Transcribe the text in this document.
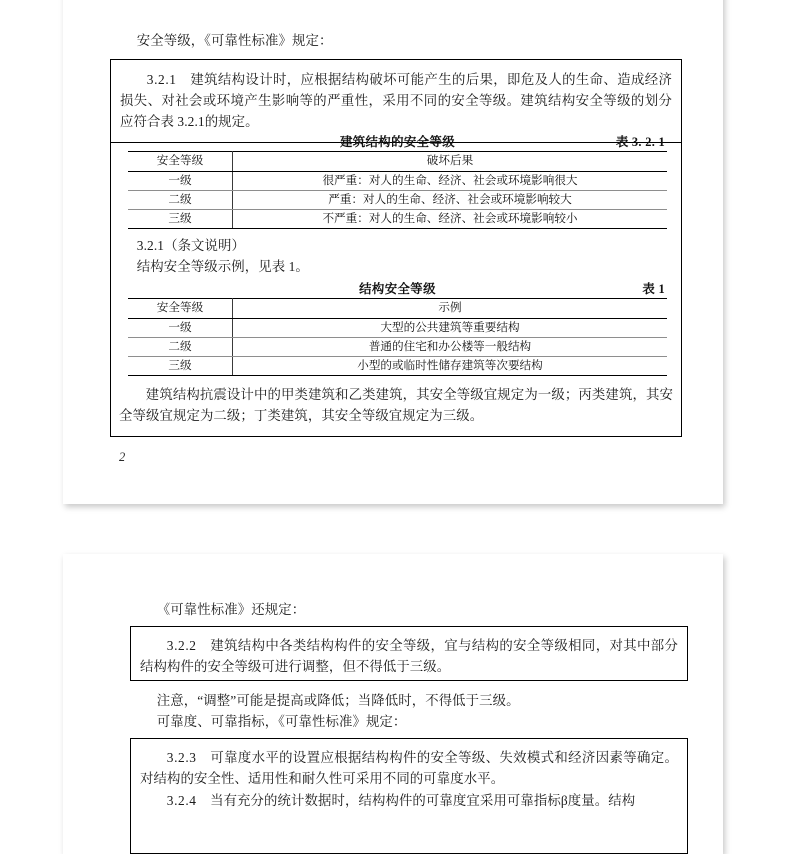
安全等级，《可靠性标准》规定：
3.2.1  建筑结构设计时，应根据结构破坏可能产生的后果，即危及人的生命、造成经济损失、对社会或环境产生影响等的严重性，采用不同的安全等级。建筑结构安全等级的划分应符合表 3.2.1的规定。
建筑结构的安全等级	表 3. 2. 1
安全等级	破坏后果
一级	很严重：对人的生命、经济、社会或环境影响很大
二级	严重：对人的生命、经济、社会或环境影响较大
三级	不严重：对人的生命、经济、社会或环境影响较小
3.2.1（条文说明）
结构安全等级示例，见表 1。
结构安全等级	表 1
安全等级	示例
一级	大型的公共建筑等重要结构
二级	普通的住宅和办公楼等一般结构
三级	小型的或临时性储存建筑等次要结构
建筑结构抗震设计中的甲类建筑和乙类建筑，其安全等级宜规定为一级；丙类建筑，其安全等级宜规定为二级；丁类建筑，其安全等级宜规定为三级。
2
《可靠性标准》还规定：
3.2.2  建筑结构中各类结构构件的安全等级，宜与结构的安全等级相同，对其中部分结构构件的安全等级可进行调整，但不得低于三级。
注意，“调整”可能是提高或降低；当降低时，不得低于三级。
可靠度、可靠指标，《可靠性标准》规定：
3.2.3  可靠度水平的设置应根据结构构件的安全等级、失效模式和经济因素等确定。对结构的安全性、适用性和耐久性可采用不同的可靠度水平。
3.2.4  当有充分的统计数据时，结构构件的可靠度宜采用可靠指标β度量。结构
